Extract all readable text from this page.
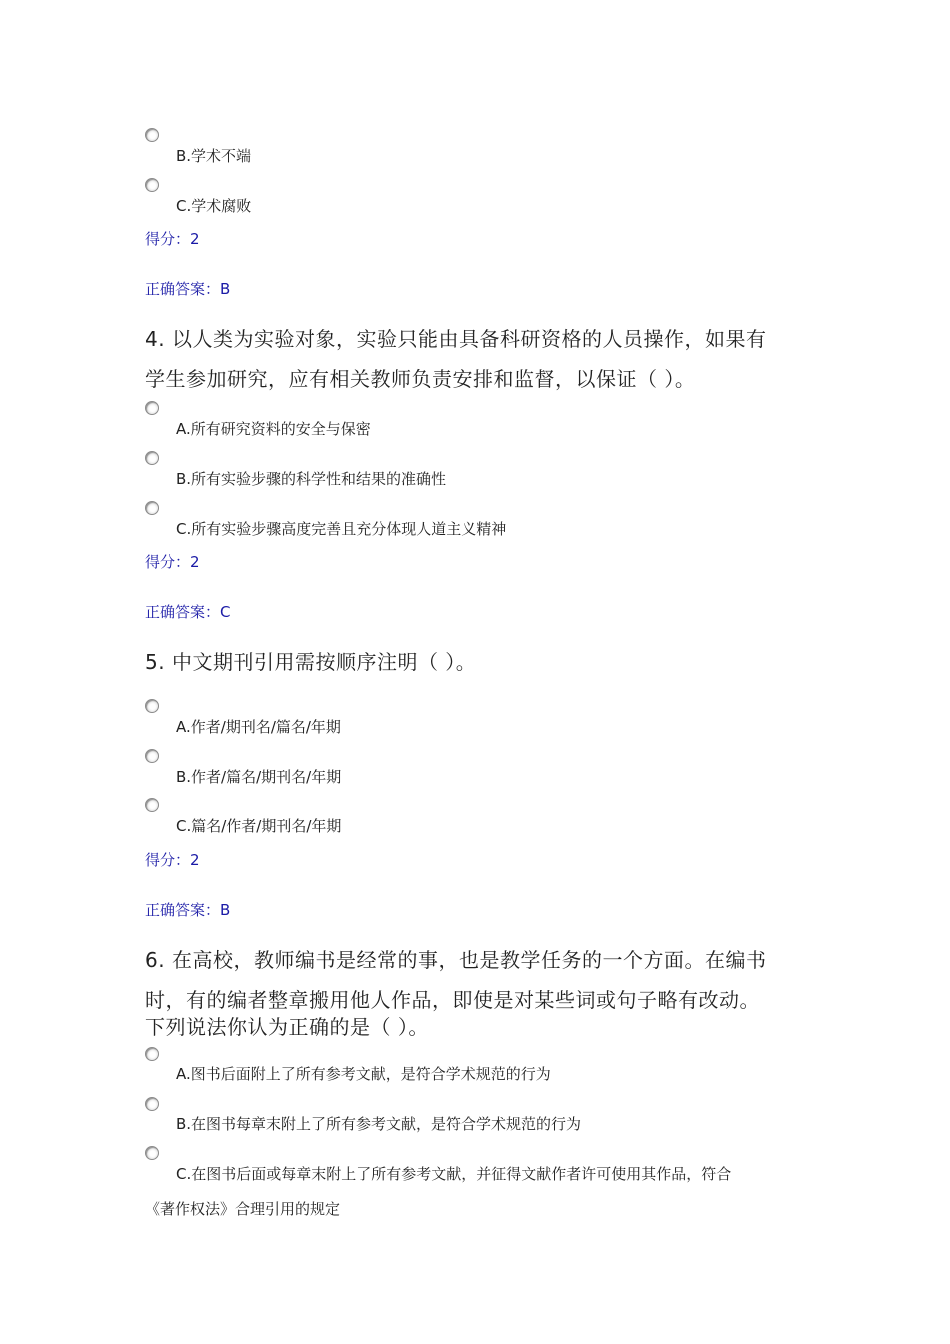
B.学术不端
C.学术腐败
得分：2
正确答案：B
4. 以人类为实验对象，实验只能由具备科研资格的人员操作，如果有
学生参加研究，应有相关教师负责安排和监督，以保证（ ）。
A.所有研究资料的安全与保密
B.所有实验步骤的科学性和结果的准确性
C.所有实验步骤高度完善且充分体现人道主义精神
得分：2
正确答案：C
5. 中文期刊引用需按顺序注明（ ）。
A.作者/期刊名/篇名/年期
B.作者/篇名/期刊名/年期
C.篇名/作者/期刊名/年期
得分：2
正确答案：B
6. 在高校，教师编书是经常的事，也是教学任务的一个方面。在编书
时，有的编者整章搬用他人作品，即使是对某些词或句子略有改动。
下列说法你认为正确的是（ ）。
A.图书后面附上了所有参考文献，是符合学术规范的行为
B.在图书每章末附上了所有参考文献，是符合学术规范的行为
C.在图书后面或每章末附上了所有参考文献，并征得文献作者许可使用其作品，符合
《著作权法》合理引用的规定
